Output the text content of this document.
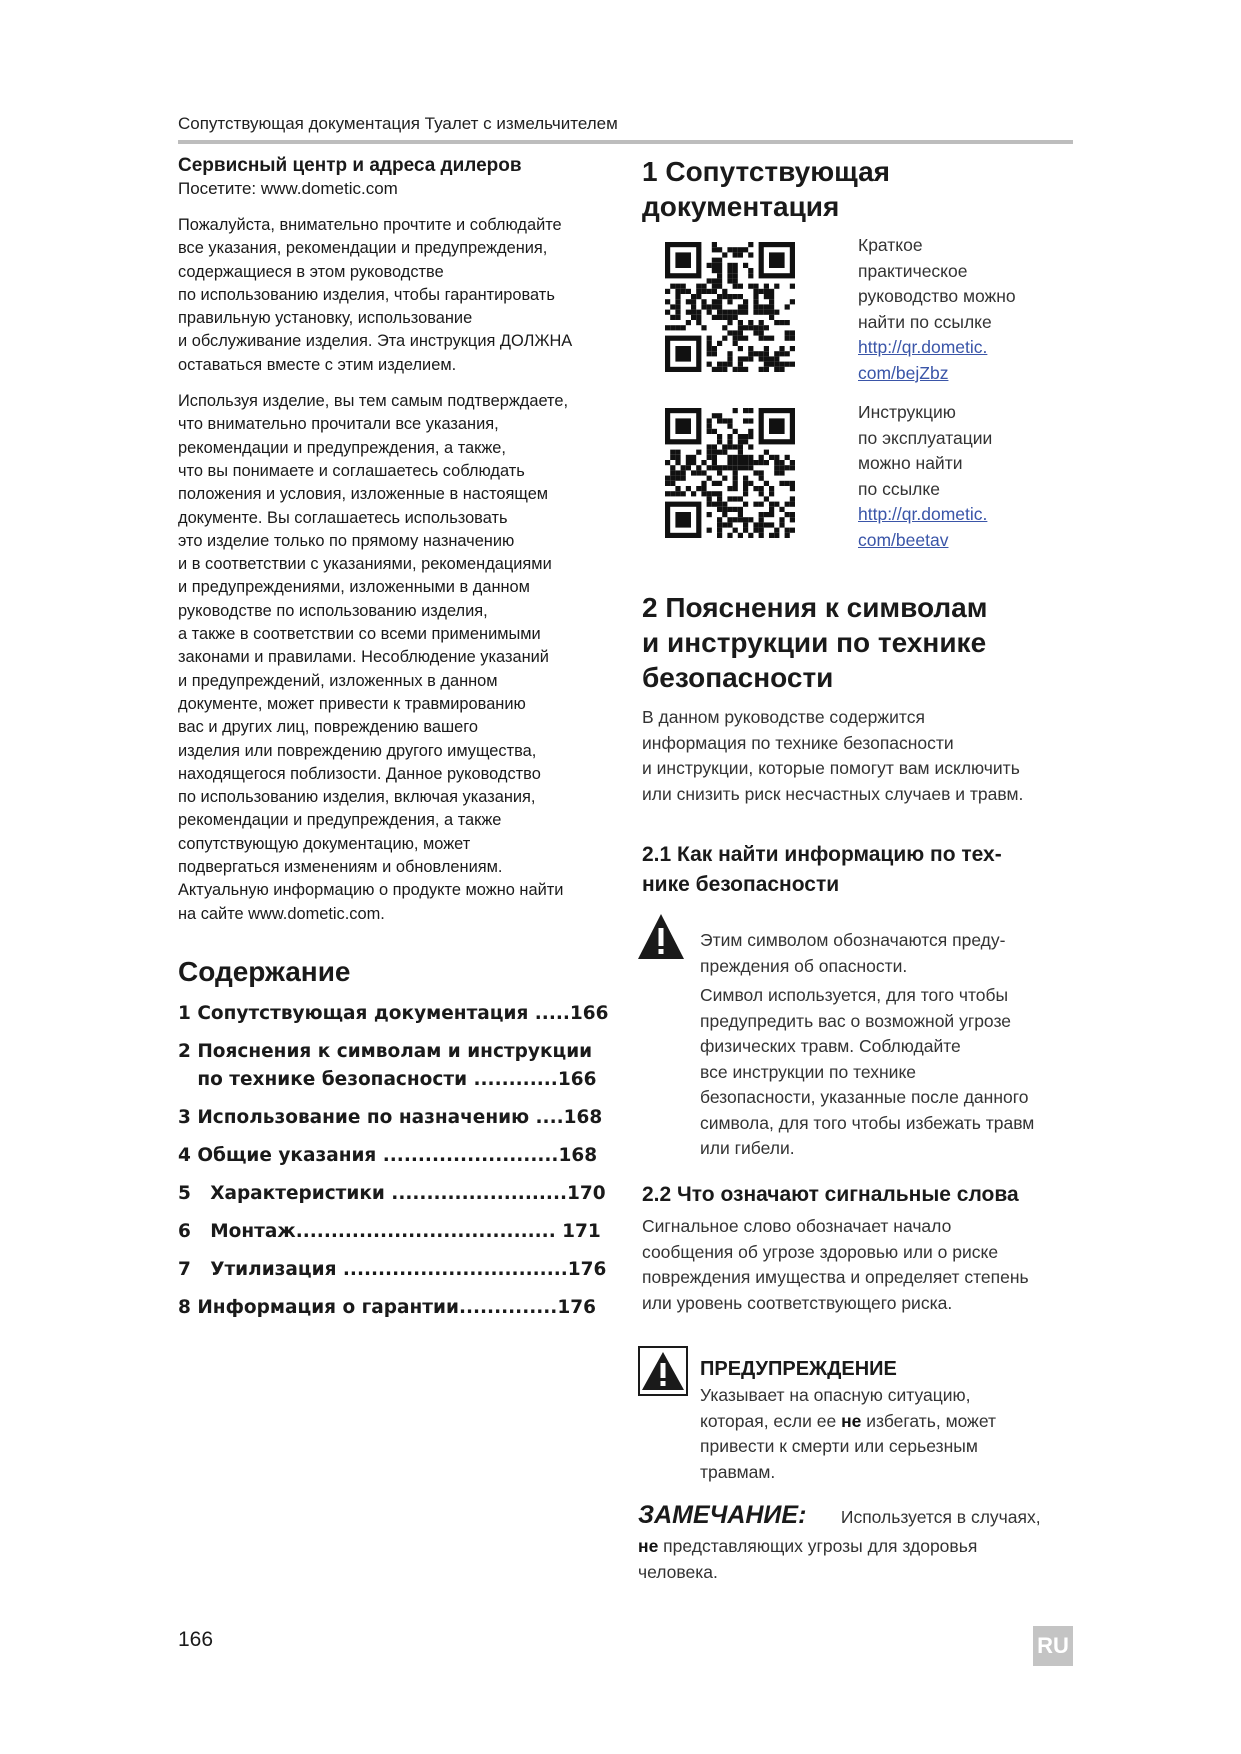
Сопутствующая документация Туалет с измельчителем

Сервисный центр и адреса дилеров

Посетите: www.dometic.com

Пожалуйста, внимательно прочтите и соблюдайте
все указания, рекомендации и предупреждения,
содержащиеся в этом руководстве
по использованию изделия, чтобы гарантировать
правильную установку, использование
и обслуживание изделия. Эта инструкция ДОЛЖНА
оставаться вместе с этим изделием.
Используя изделие, вы тем самым подтверждаете,
что внимательно прочитали все указания,
рекомендации и предупреждения, а также,
что вы понимаете и соглашаетесь соблюдать
положения и условия, изложенные в настоящем
документе. Вы соглашаетесь использовать
это изделие только по прямому назначению
и в соответствии с указаниями, рекомендациями
и предупреждениями, изложенными в данном
руководстве по использованию изделия,
а также в соответствии со всеми применимыми
законами и правилами. Несоблюдение указаний
и предупреждений, изложенных в данном
документе, может привести к травмированию
вас и других лиц, повреждению вашего
изделия или повреждению другого имущества,
находящегося поблизости. Данное руководство
по использованию изделия, включая указания,
рекомендации и предупреждения, а также
сопутствующую документацию, может
подвергаться изменениям и обновлениям.
Актуальную информацию о продукте можно найти
на сайте www.dometic.com.
Содержание
1 Сопутствующая документация .....166
2 Пояснения к символам и инструкции
по технике безопасности ............166
3 Использование по назначению ....168
4 Общие указания .........................168
5   Характеристики .........................170
6   Монтаж..................................... 171
7   Утилизация ................................176
8 Информация о гарантии..............176

1 Сопутствующая
документация

Краткое
практическое
руководство можно
найти по ссылке
http://qr.dometic.
com/bejZbz
Инструкцию
по эксплуатации
можно найти
по ссылке
http://qr.dometic.
com/beetav
2 Пояснения к символам
и инструкции по технике
безопасности
В данном руководстве содержится
информация по технике безопасности
и инструкции, которые помогут вам исключить
или снизить риск несчастных случаев и травм.
2.1 Как найти информацию по тех-
нике безопасности
Этим символом обозначаются преду-
преждения об опасности.
Символ используется, для того чтобы
предупредить вас о возможной угрозе
физических травм. Соблюдайте
все инструкции по технике
безопасности, указанные после данного
символа, для того чтобы избежать травм
или гибели.
2.2 Что означают сигнальные слова
Сигнальное слово обозначает начало
сообщения об угрозе здоровью или о риске
повреждения имущества и определяет степень
или уровень соответствующего риска.
ПРЕДУПРЕЖДЕНИЕ
Указывает на опасную ситуацию,
которая, если ее не избегать, может
привести к смерти или серьезным
травмам.
ЗАМЕЧАНИЕ: Используется в случаях,
не представляющих угрозы для здоровья
человека.
166	RU
